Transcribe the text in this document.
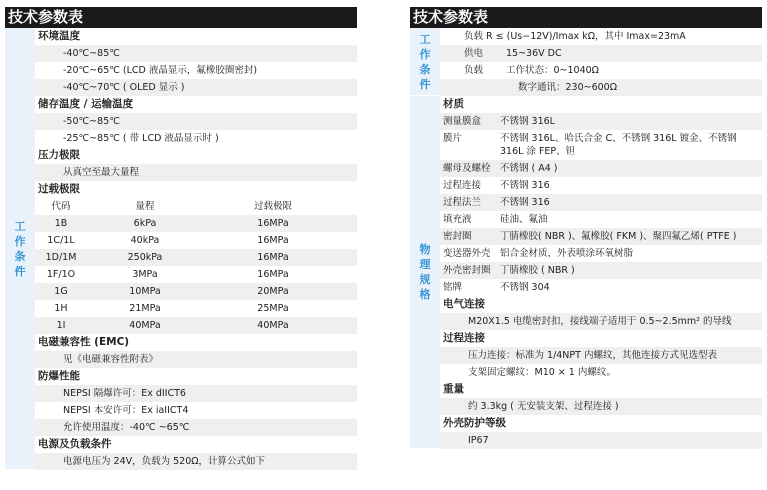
技术参数表
工
作
条
件
环境温度
-40℃~85℃
-20℃~65℃ (LCD 液晶显示，氟橡胶圈密封)
-40℃~70℃ ( OLED 显示 )
储存温度 / 运输温度
-50℃~85℃
-25℃~85℃ ( 带 LCD 液晶显示时 )
压力极限
从真空至最大量程
过载极限
代码	量程	过载极限
1B	6kPa	16MPa
1C/1L	40kPa	16MPa
1D/1M	250kPa	16MPa
1F/1O	3MPa	16MPa
1G	10MPa	20MPa
1H	21MPa	25MPa
1I	40MPa	40MPa
电磁兼容性 (EMC)
见《电磁兼容性附表》
防爆性能
NEPSI 隔爆许可：Ex dIICT6
NEPSI 本安许可：Ex iaIICT4
允许使用温度：-40℃ ~65℃
电源及负载条件
电源电压为 24V，负载为 520Ω，计算公式如下
技术参数表
工
作
条
件
负载 R ≤ (Us−12V)/Imax kΩ，其中 Imax=23mA
供电	15~36V DC
负载	工作状态：0~1040Ω
数字通讯：230~600Ω
物
理
规
格
材质
测量膜盒	不锈钢 316L
膜片	不锈钢 316L、哈氏合金 C、不锈钢 316L 镀金、不锈钢 316L 涂 FEP、钽
螺母及螺栓 不锈钢 ( A4 )
过程连接	不锈钢 316
过程法兰	不锈钢 316
填充液	硅油、氟油
密封圈	丁腈橡胶( NBR )、氟橡胶( FKM )、聚四氟乙烯( PTFE )
变送器外壳 铝合金材质，外表喷涂环氧树脂
外壳密封圈 丁腈橡胶 ( NBR )
铭牌	不锈钢 304
电气连接
M20X1.5 电缆密封扣，接线端子适用于 0.5~2.5mm² 的导线
过程连接
压力连接：标准为 1/4NPT 内螺纹，其他连接方式见选型表
支架固定螺纹：M10 × 1 内螺纹。
重量
约 3.3kg ( 无安装支架、过程连接 )
外壳防护等级
IP67
